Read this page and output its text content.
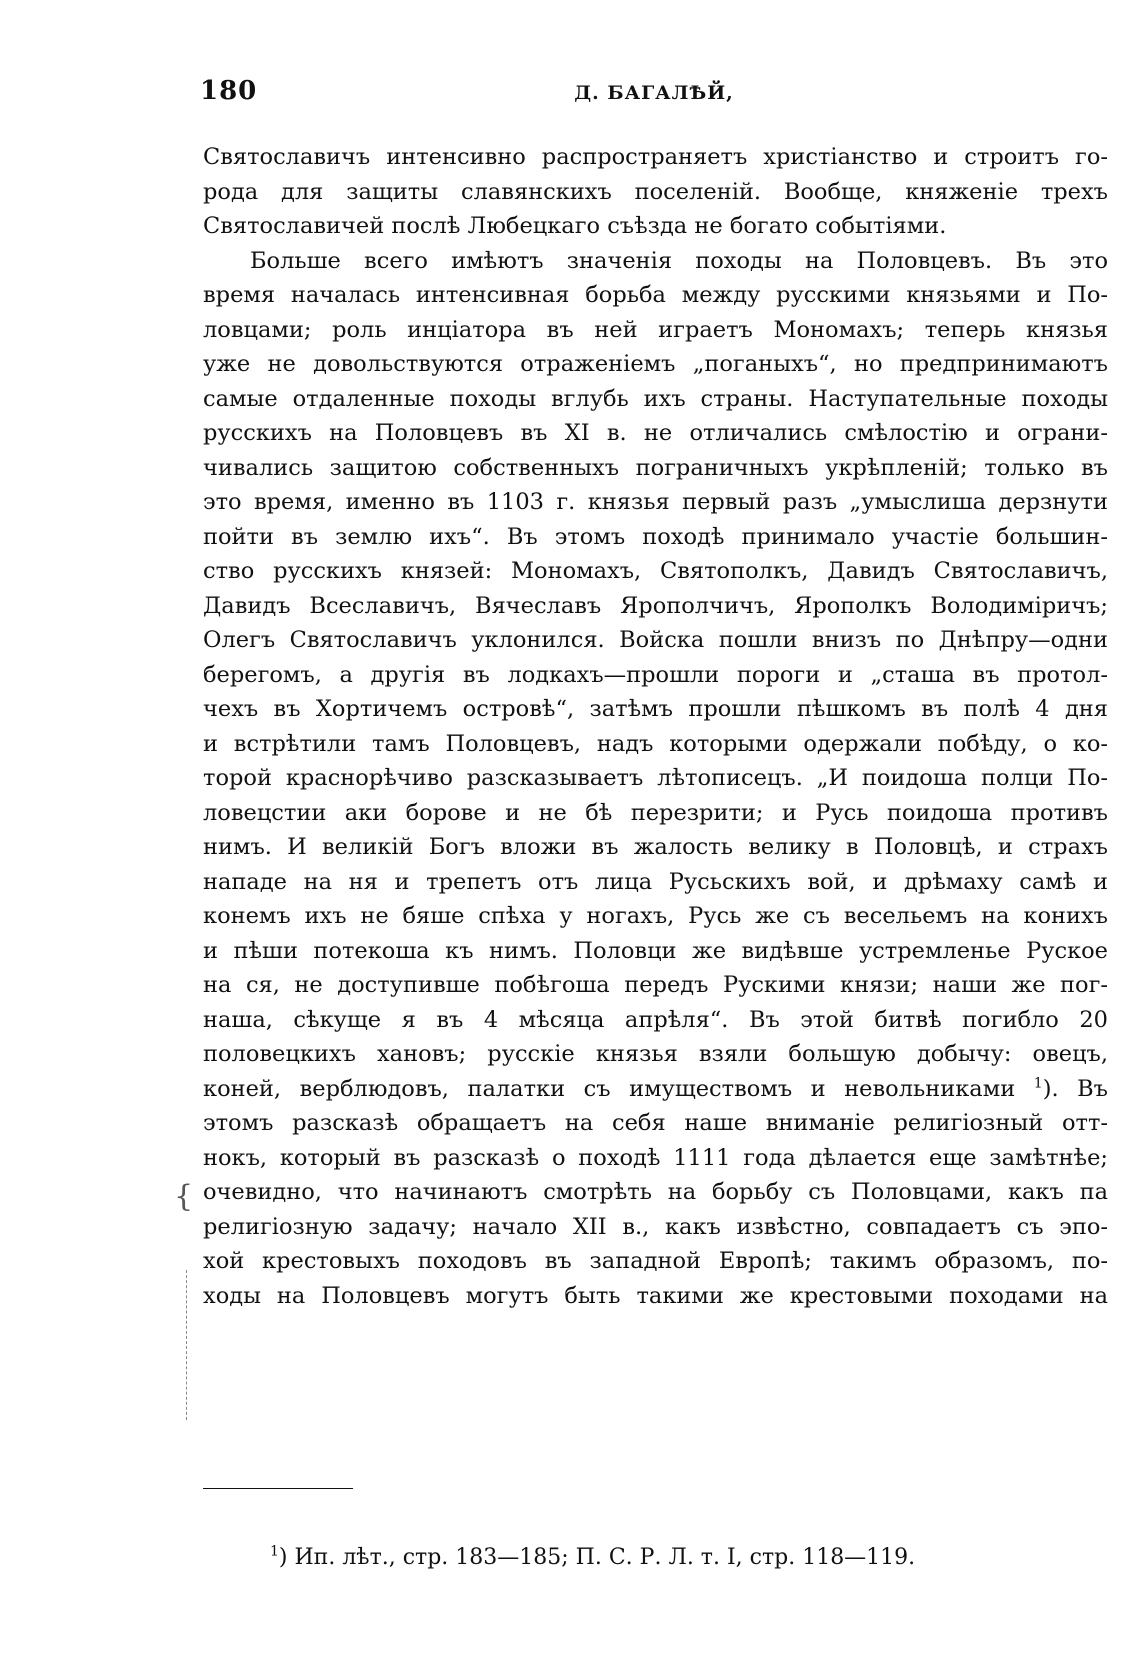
180	Д. БАГАЛѢЙ,
Святославичъ интенсивно распространяетъ христіанство и строитъ го-
рода для защиты славянскихъ поселеній. Вообще, княженіе трехъ
Святославичей послѣ Любецкаго съѣзда не богато событіями.
Больше всего имѣютъ значенія походы на Половцевъ. Въ это
время началась интенсивная борьба между русскими князьями и По-
ловцами; роль инціатора въ ней играетъ Мономахъ; теперь князья
уже не довольствуются отраженіемъ „поганыхъ“, но предпринимаютъ
самые отдаленные походы вглубь ихъ страны. Наступательные походы
русскихъ на Половцевъ въ XI в. не отличались смѣлостію и ограни-
чивались защитою собственныхъ пограничныхъ укрѣпленій; только въ
это время, именно въ 1103 г. князья первый разъ „умыслиша дерзнути
пойти въ землю ихъ“. Въ этомъ походѣ принимало участіе большин-
ство русскихъ князей: Мономахъ, Святополкъ, Давидъ Святославичъ,
Давидъ Всеславичъ, Вячеславъ Ярополчичъ, Ярополкъ Володиміричъ;
Олегъ Святославичъ уклонился. Войска пошли внизъ по Днѣпру—одни
берегомъ, а другія въ лодкахъ—прошли пороги и „сташа въ протол-
чехъ въ Хортичемъ островѣ“, затѣмъ прошли пѣшкомъ въ полѣ 4 дня
и встрѣтили тамъ Половцевъ, надъ которыми одержали побѣду, о ко-
торой краснорѣчиво разсказываетъ лѣтописецъ. „И поидоша полци По-
ловецстии аки борове и не бѣ перезрити; и Русь поидоша противъ
нимъ. И великій Богъ вложи въ жалость велику в Половцѣ, и страхъ
нападе на ня и трепетъ отъ лица Русьскихъ вой, и дрѣмаху самѣ и
конемъ ихъ не бяше спѣха у ногахъ, Русь же съ весельемъ на конихъ
и пѣши потекоша къ нимъ. Половци же видѣвше устремленье Руское
на ся, не доступивше побѣгоша передъ Рускими князи; наши же пог-
наша, сѣкуще я въ 4 мѣсяца апрѣля“. Въ этой битвѣ погибло 20
половецкихъ хановъ; русскіе князья взяли большую добычу: овецъ,
коней, верблюдовъ, палатки съ имуществомъ и невольниками $^1$). Въ
этомъ разсказѣ обращаетъ на себя наше вниманіе религіозный отт-
нокъ, который въ разсказѣ о походѣ 1111 года дѣлается еще замѣтнѣе;
очевидно, что начинаютъ смотрѣть на борьбу съ Половцами, какъ па
религіозную задачу; начало XII в., какъ извѣстно, совпадаетъ съ эпо-
хой крестовыхъ походовъ въ западной Европѣ; такимъ образомъ, по-
ходы на Половцевъ могутъ быть такими же крестовыми походами на
{
$^1$) Ип. лѣт., стр. 183—185; П. С. Р. Л. т. I, стр. 118—119.
